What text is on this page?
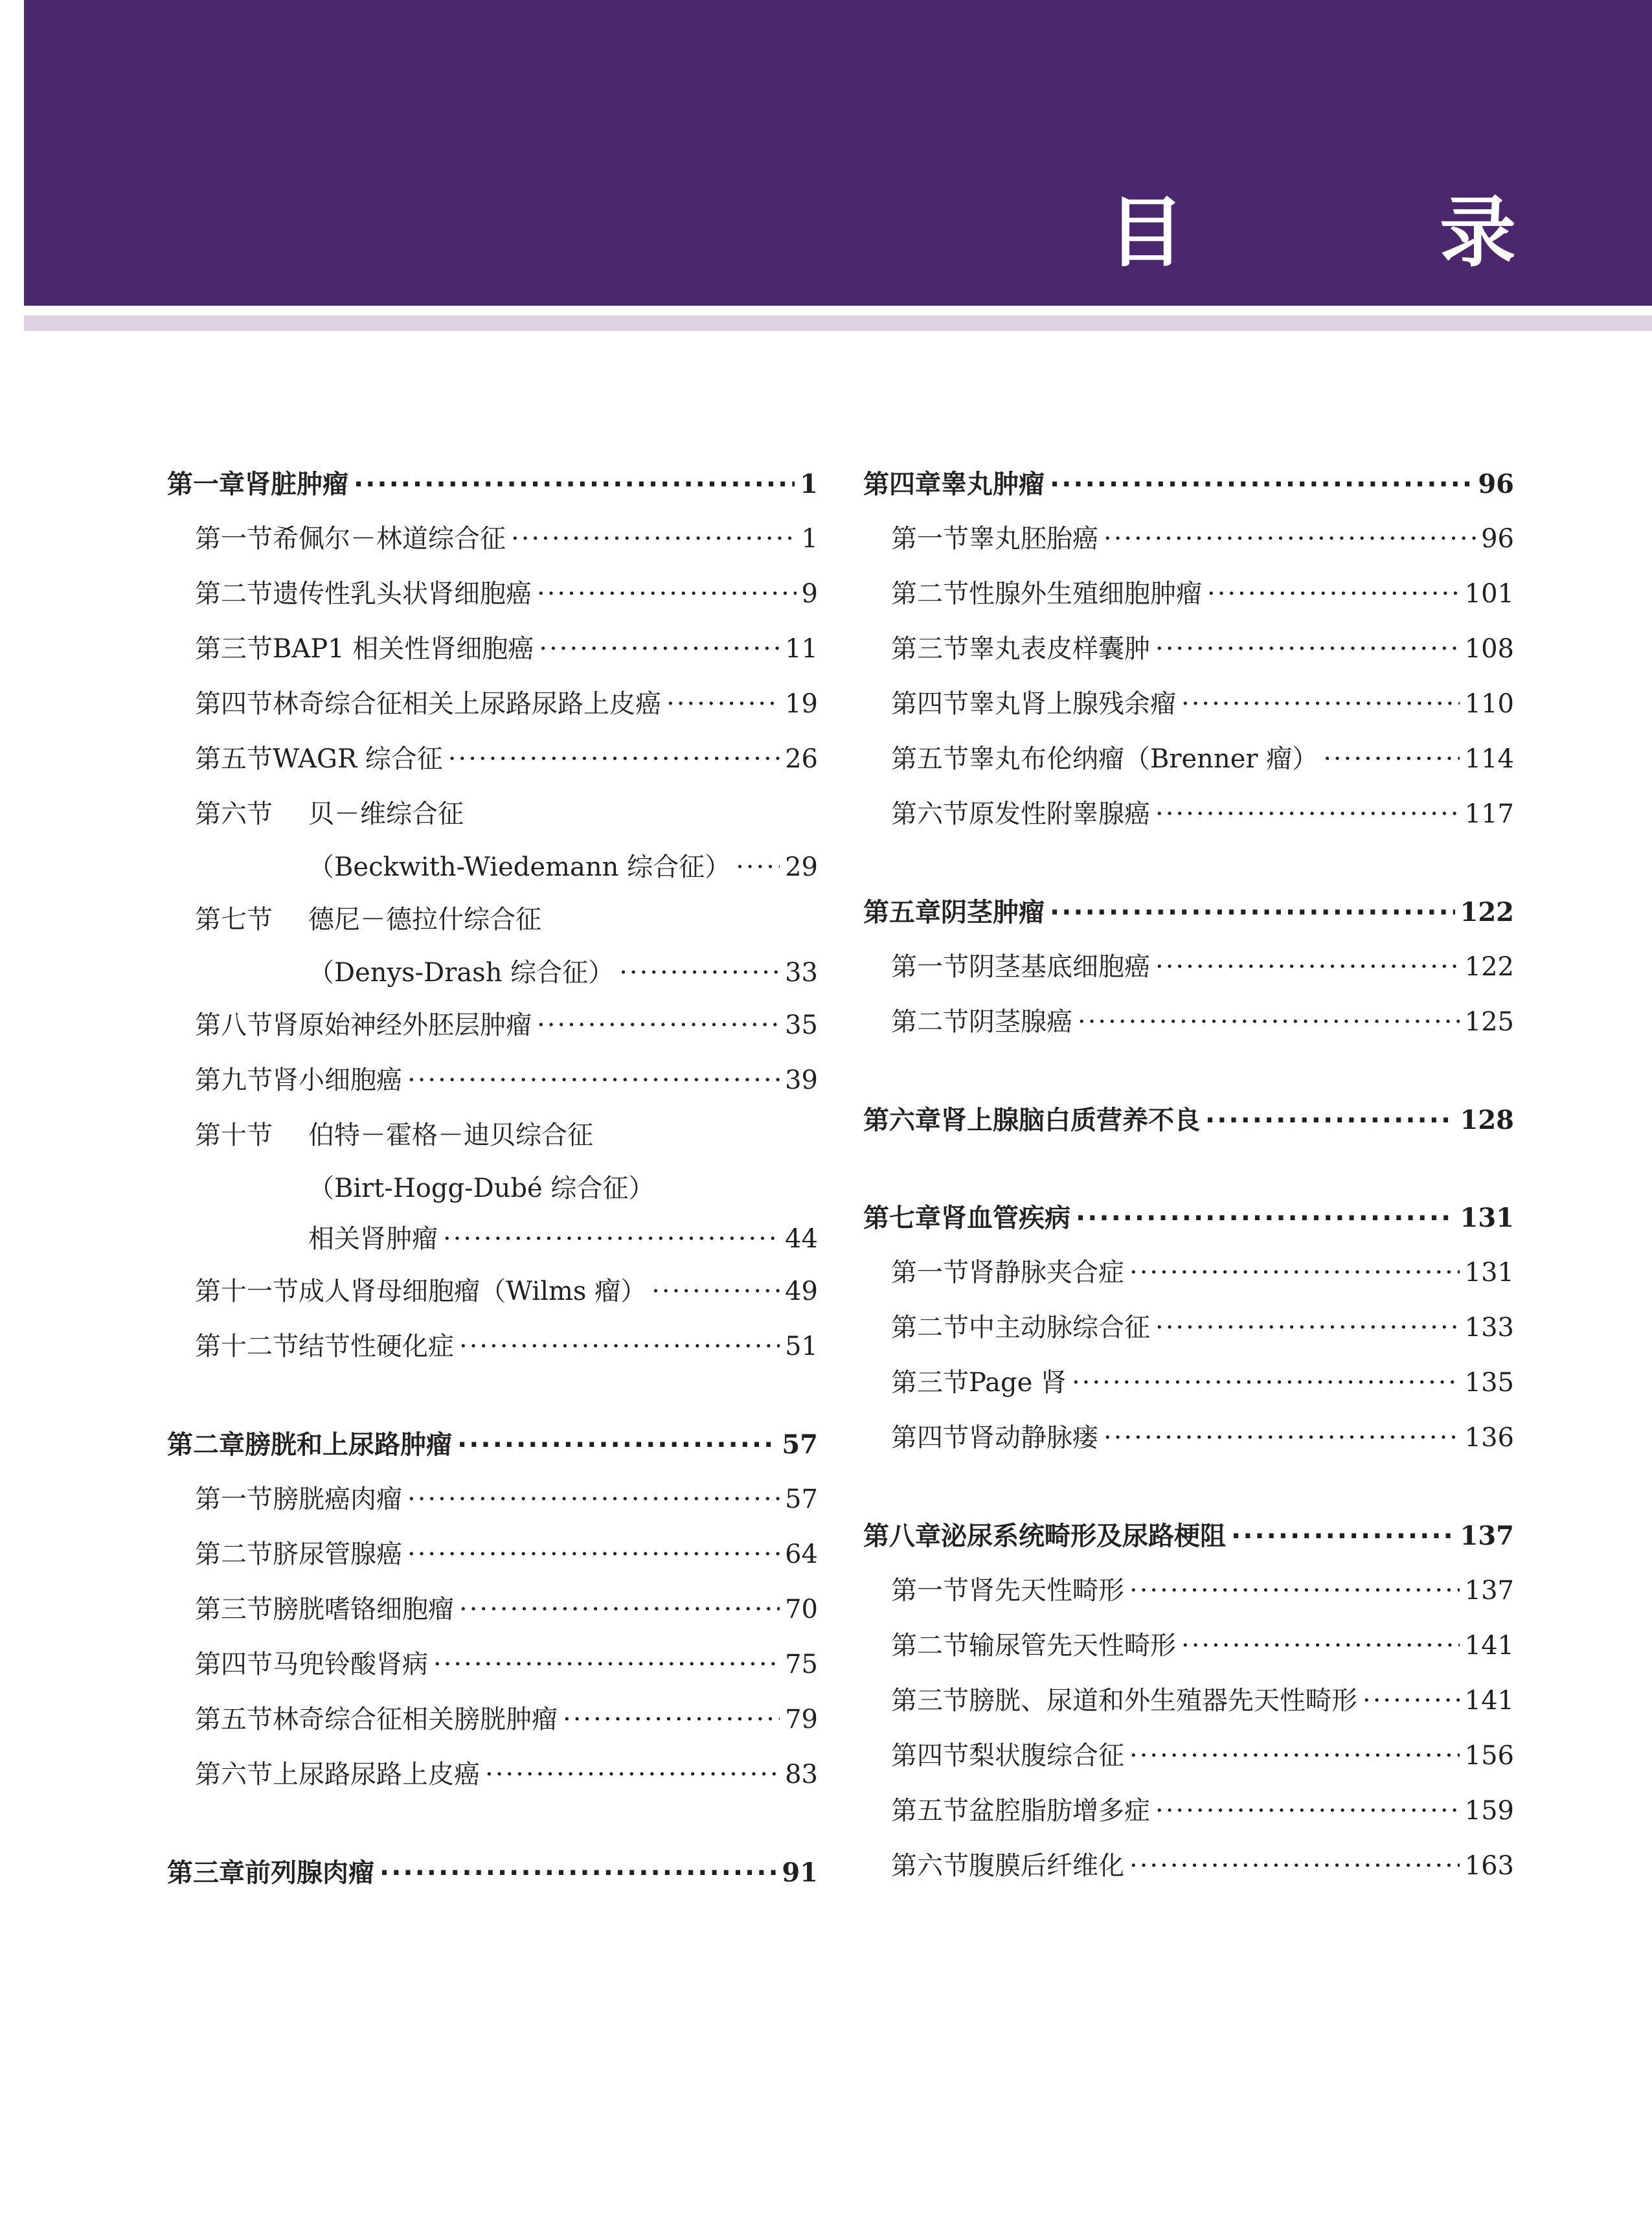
目　录
第一章 肾脏肿瘤 ·····	1
第一节 希佩尔－林道综合征 ·····	1
第二节 遗传性乳头状肾细胞癌 ·····	9
第三节 BAP1 相关性肾细胞癌 ·····	11
第四节 林奇综合征相关上尿路尿路上皮癌 ·····	19
第五节 WAGR 综合征 ·····	26
第六节	贝－维综合征
（Beckwith-Wiedemann 综合征） ····· 29
第七节	德尼－德拉什综合征
（Denys-Drash 综合征） ·····	33
第八节 肾原始神经外胚层肿瘤 ·····	35
第九节 肾小细胞癌 ·····	39
第十节	伯特－霍格－迪贝综合征
（Birt-Hogg-Dubé 综合征）
相关肾肿瘤 ·····	44
第十一节 成人肾母细胞瘤（Wilms 瘤） ·····	49
第十二节 结节性硬化症 ·····	51
第二章 膀胱和上尿路肿瘤 ·····	57
第一节 膀胱癌肉瘤 ·····	57
第二节 脐尿管腺癌 ·····	64
第三节 膀胱嗜铬细胞瘤 ·····	70
第四节 马兜铃酸肾病 ·····	75
第五节 林奇综合征相关膀胱肿瘤 ·····	79
第六节 上尿路尿路上皮癌 ·····	83
第三章 前列腺肉瘤 ·····	91
第四章 睾丸肿瘤 ·····	96
第一节 睾丸胚胎癌 ·····	96
第二节 性腺外生殖细胞肿瘤 ·····	101
第三节 睾丸表皮样囊肿 ·····	108
第四节 睾丸肾上腺残余瘤 ·····	110
第五节 睾丸布伦纳瘤（Brenner 瘤） ·····	114
第六节 原发性附睾腺癌 ·····	117
第五章 阴茎肿瘤 ·····	122
第一节 阴茎基底细胞癌 ·····	122
第二节 阴茎腺癌 ·····	125
第六章 肾上腺脑白质营养不良 ·····	128
第七章 肾血管疾病 ·····	131
第一节 肾静脉夹合症 ·····	131
第二节 中主动脉综合征 ·····	133
第三节 Page 肾 ·····	135
第四节 肾动静脉瘘 ·····	136
第八章 泌尿系统畸形及尿路梗阻 ·····	137
第一节 肾先天性畸形 ·····	137
第二节 输尿管先天性畸形 ·····	141
第三节 膀胱、尿道和外生殖器先天性畸形 ·····	141
第四节 梨状腹综合征 ·····	156
第五节 盆腔脂肪增多症 ·····	159
第六节 腹膜后纤维化 ·····	163
